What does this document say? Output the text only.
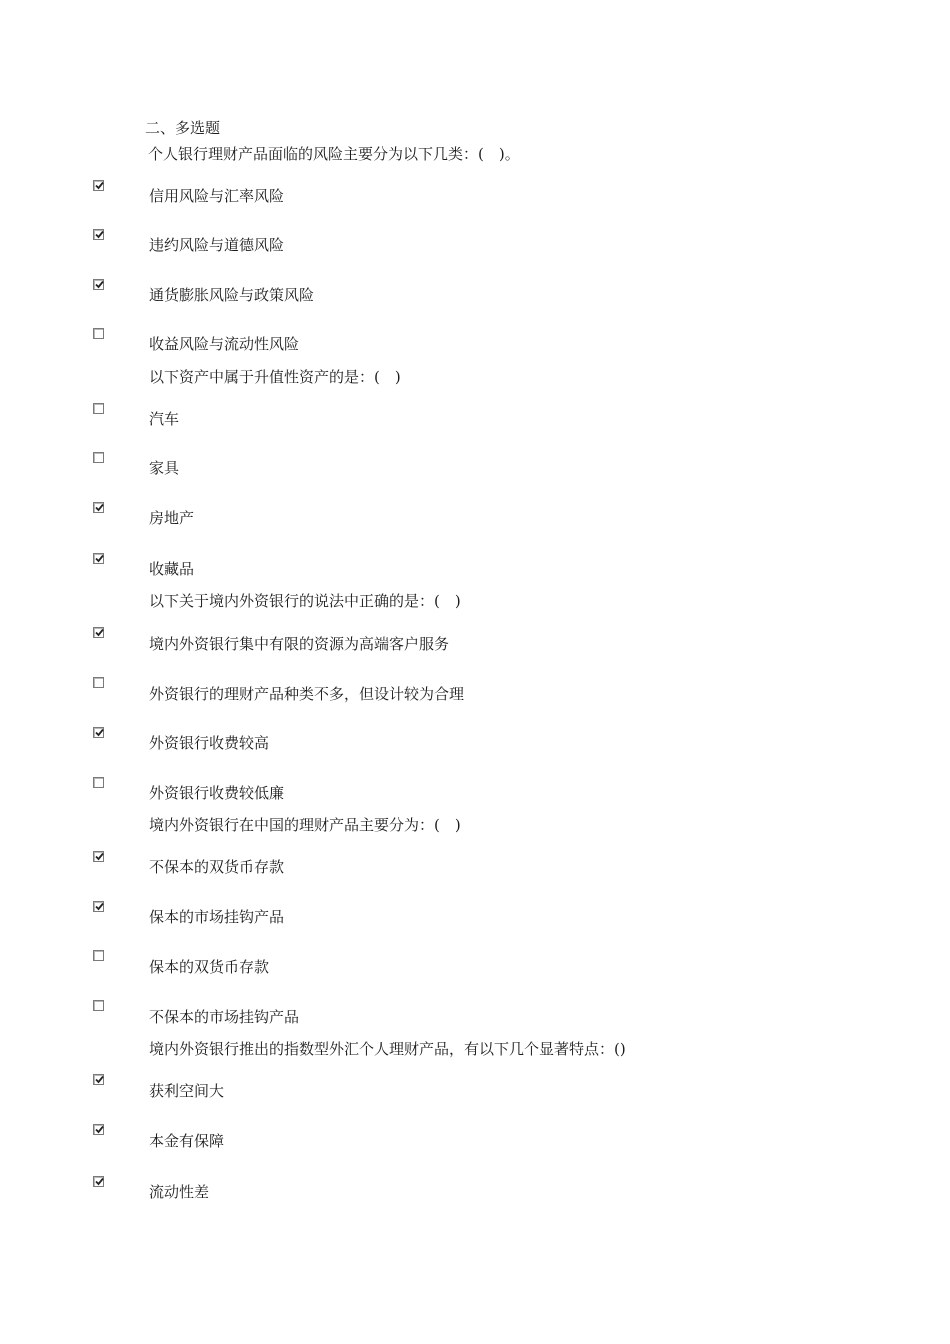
二、多选题
个人银行理财产品面临的风险主要分为以下几类：(　)。
信用风险与汇率风险
违约风险与道德风险
通货膨胀风险与政策风险
收益风险与流动性风险
以下资产中属于升值性资产的是：(　)
汽车
家具
房地产
收藏品
以下关于境内外资银行的说法中正确的是：(　)
境内外资银行集中有限的资源为高端客户服务
外资银行的理财产品种类不多，但设计较为合理
外资银行收费较高
外资银行收费较低廉
境内外资银行在中国的理财产品主要分为：(　)
不保本的双货币存款
保本的市场挂钩产品
保本的双货币存款
不保本的市场挂钩产品
境内外资银行推出的指数型外汇个人理财产品，有以下几个显著特点：()
获利空间大
本金有保障
流动性差
